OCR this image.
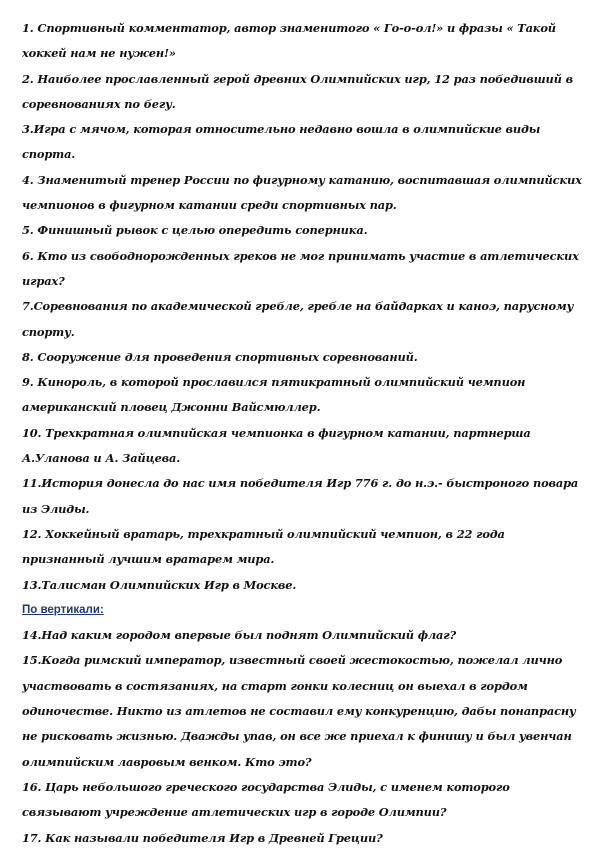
1. Спортивный комментатор, автор знаменитого « Го-о-ол!» и фразы « Такой хоккей нам не нужен!»

2. Наиболее прославленный герой древних Олимпийских игр, 12 раз победивший в соревнованиях по бегу.

3.Игра с мячом, которая относительно недавно вошла в олимпийские виды спорта.

4. Знаменитый тренер России по фигурному катанию, воспитавшая олимпийских чемпионов в фигурном катании среди спортивных пар.

5. Финишный рывок с целью опередить соперника.

6. Кто из свободнорожденных греков не мог принимать участие в атлетических играх?

7.Соревнования по академической гребле, гребле на байдарках и каноэ, парусному спорту.

8. Сооружение для проведения спортивных соревнований.

9. Кинороль, в которой прославился пятикратный олимпийский чемпион американский пловец Джонни Вайсмюллер.

10. Трехкратная олимпийская чемпионка в фигурном катании, партнерша А.Уланова и А. Зайцева.

11.История донесла до нас имя победителя Игр 776 г. до н.э.- быстроного повара из Элиды.

12. Хоккейный вратарь, трехкратный олимпийский чемпион, в 22 года признанный лучшим вратарем мира.

13.Талисман Олимпийских Игр в Москве.

По вертикали:

14.Над каким городом впервые был поднят Олимпийский флаг?

15.Когда римский император, известный своей жестокостью, пожелал лично участвовать в состязаниях, на старт гонки колесниц он выехал в гордом одиночестве. Никто из атлетов не составил ему конкуренцию, дабы понапрасну не рисковать жизнью. Дважды упав, он все же приехал к финишу и был увенчан олимпийским лавровым венком. Кто это?

16. Царь небольшого греческого государства Элиды, с именем которого связывают учреждение атлетических игр в городе Олимпии?

17. Как называли победителя Игр в Древней Греции?
